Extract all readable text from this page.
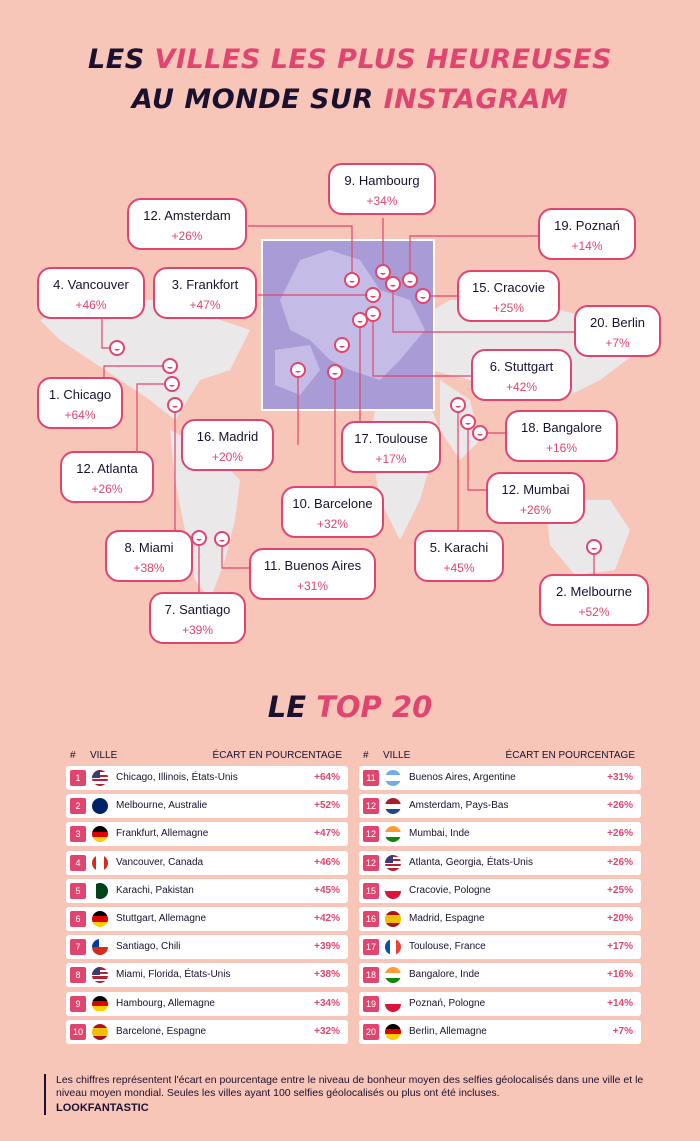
LES VILLES LES PLUS HEUREUSES
AU MONDE SUR INSTAGRAM
9. Hambourg
+34%
12. Amsterdam
+26%
19. Poznań
+14%
4. Vancouver
+46%
3. Frankfort
+47%
15. Cracovie
+25%
20. Berlin
+7%
1. Chicago
+64%
6. Stuttgart
+42%
16. Madrid
+20%
17. Toulouse
+17%
18. Bangalore
+16%
12. Atlanta
+26%	12. Mumbai
+26%
10. Barcelone
+32%
8. Miami
+38%
5. Karachi
+45%
11. Buenos Aires
+31%	2. Melbourne
+52%
7. Santiago
+39%
LE TOP 20
# VILLE	ÉCART EN POURCENTAGE
1	Chicago, Illinois, États-Unis	+64%
2	Melbourne, Australie	+52%
3	Frankfurt, Allemagne	+47%
4	Vancouver, Canada	+46%
5	Karachi, Pakistan	+45%
6	Stuttgart, Allemagne	+42%
7	Santiago, Chili	+39%
8	Miami, Florida, États-Unis	+38%
9	Hambourg, Allemagne	+34%
10	Barcelone, Espagne	+32%
# VILLE	ÉCART EN POURCENTAGE
11	Buenos Aires, Argentine	+31%
12	Amsterdam, Pays-Bas	+26%
12	Mumbai, Inde	+26%
12	Atlanta, Georgia, États-Unis	+26%
15	Cracovie, Pologne	+25%
16	Madrid, Espagne	+20%
17	Toulouse, France	+17%
18	Bangalore, Inde	+16%
19	Poznań, Pologne	+14%
20	Berlin, Allemagne	+7%
Les chiffres représentent l'écart en pourcentage entre le niveau de bonheur moyen des selfies géolocalisés dans une ville et le niveau moyen mondial. Seules les villes ayant 100 selfies géolocalisés ou plus ont été incluses.
LOOKFANTASTIC
